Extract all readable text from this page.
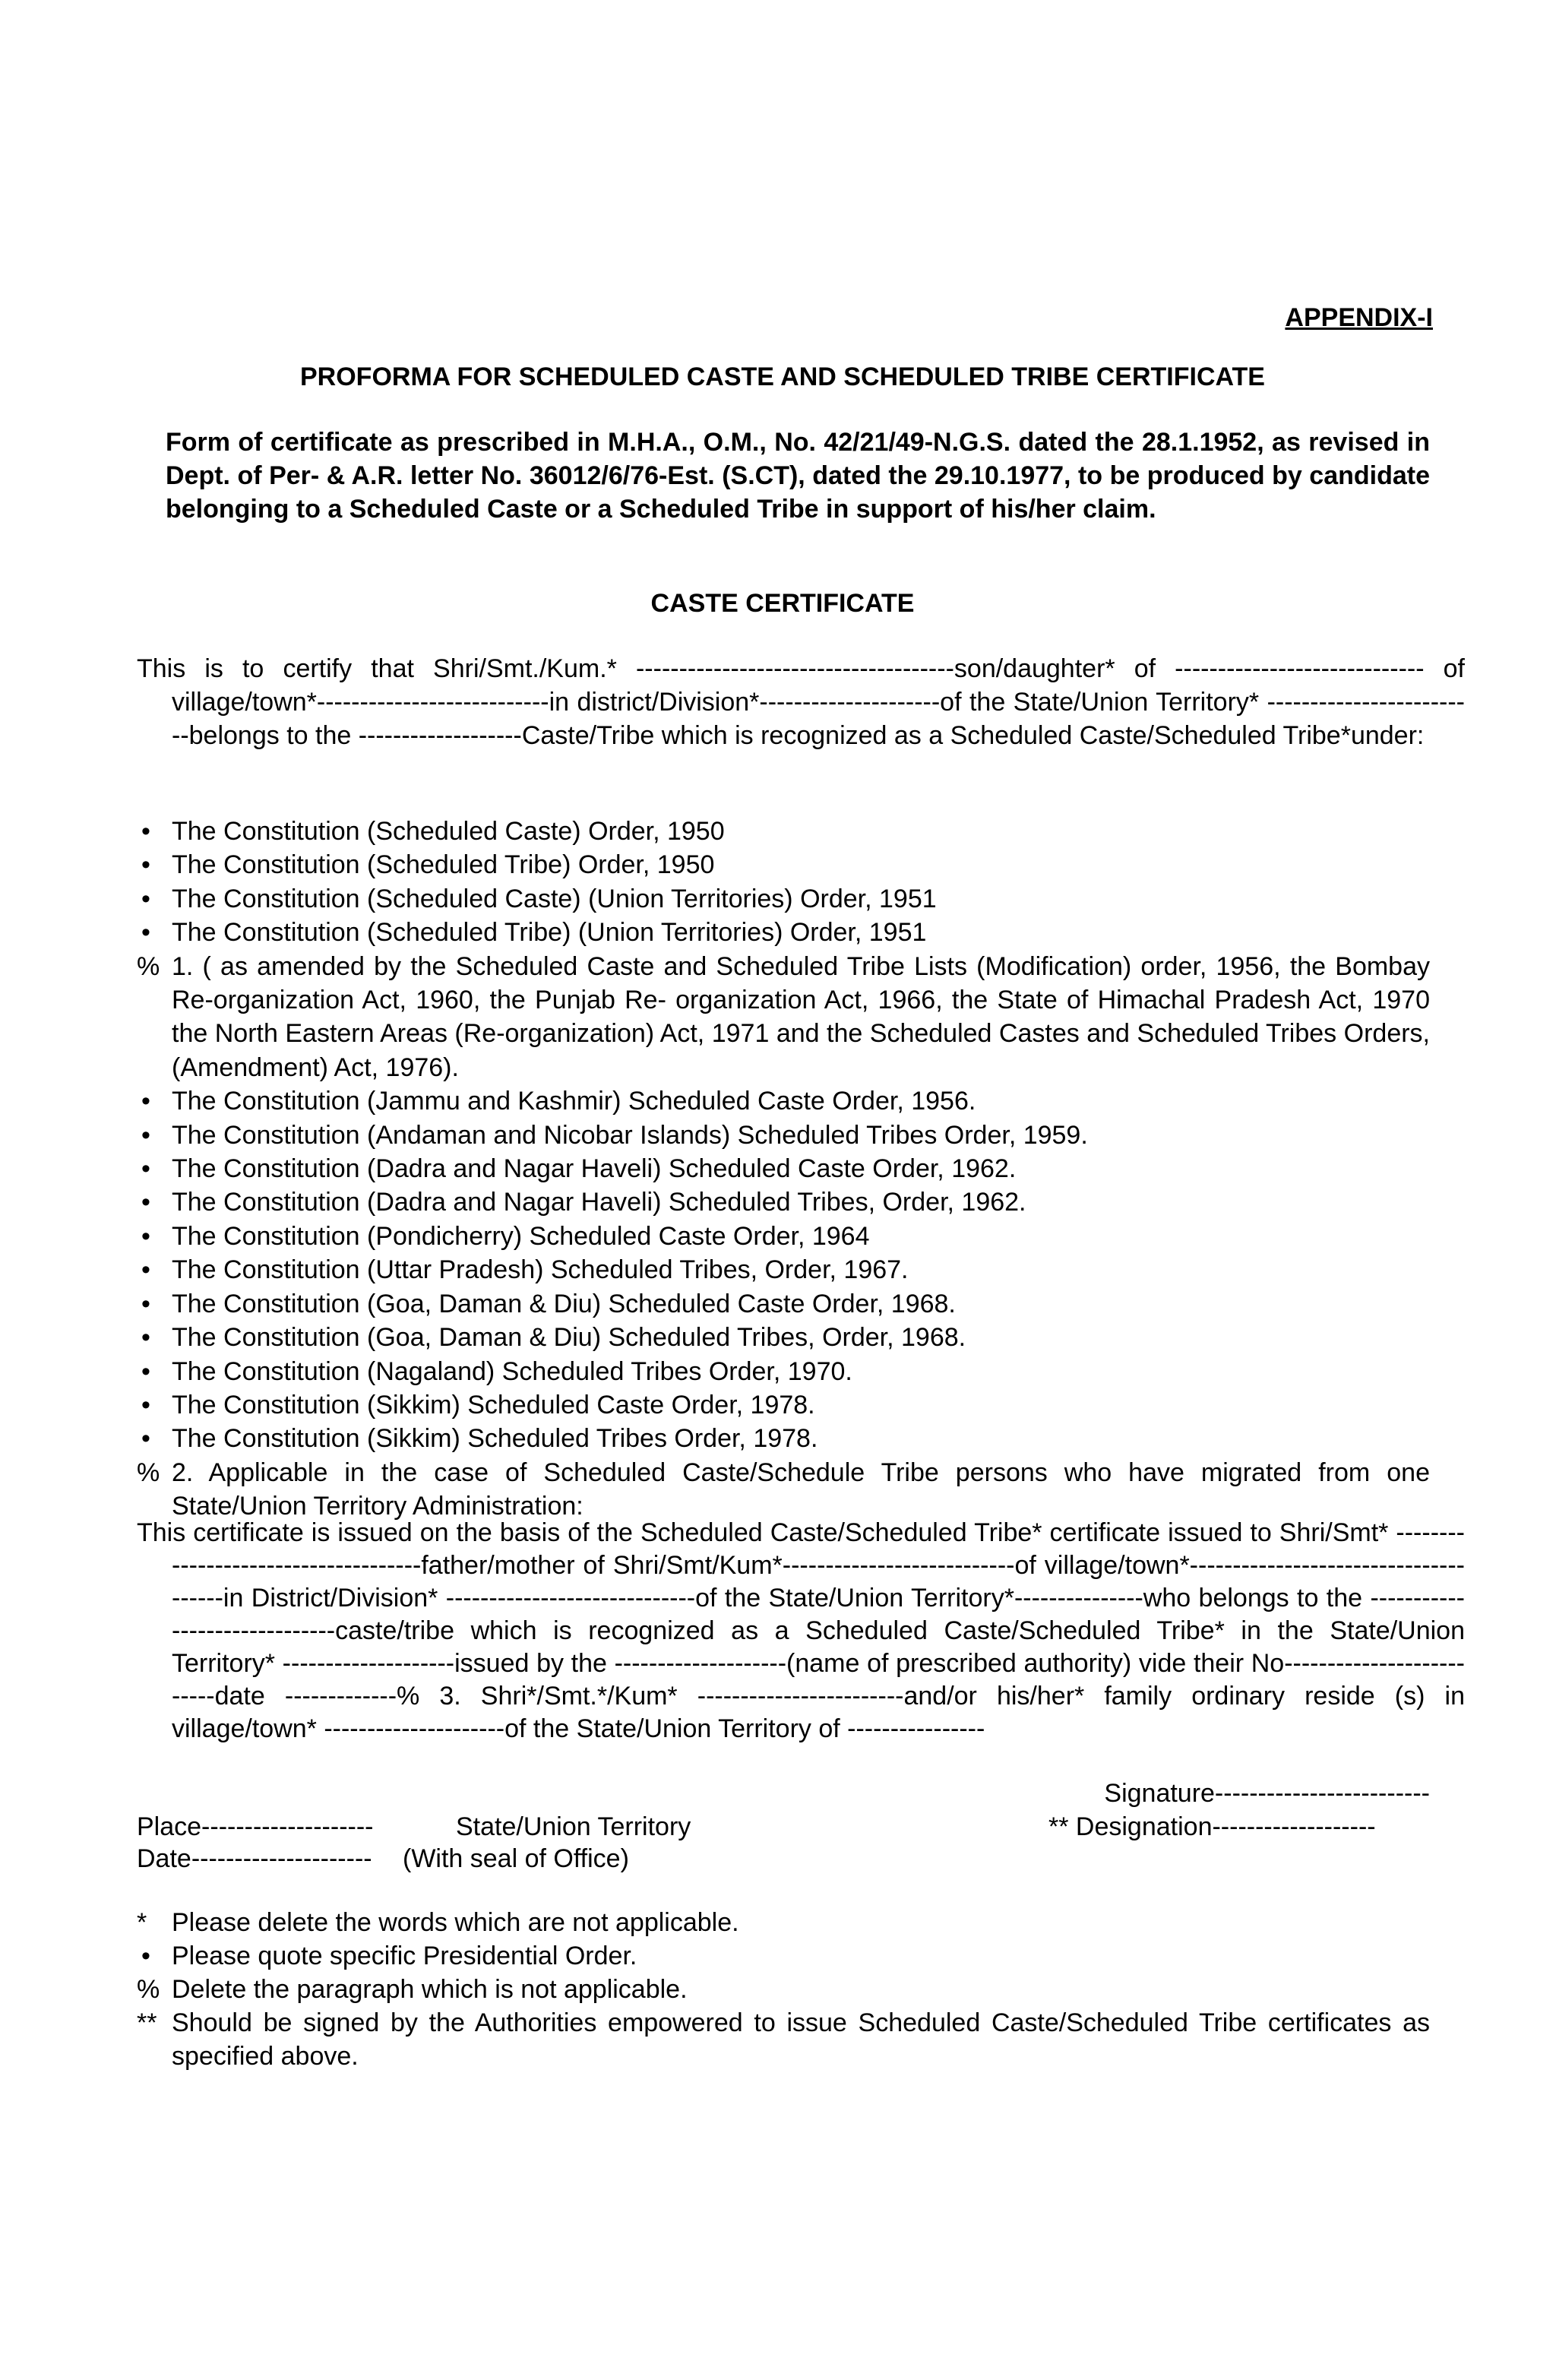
APPENDIX-I
PROFORMA FOR SCHEDULED CASTE AND SCHEDULED TRIBE CERTIFICATE
Form of certificate as prescribed in M.H.A., O.M., No. 42/21/49-N.G.S. dated the 28.1.1952, as revised in Dept. of Per- & A.R. letter No. 36012/6/76-Est. (S.CT), dated the 29.10.1977, to be produced by candidate belonging to a Scheduled Caste or a Scheduled Tribe in support of his/her claim.
CASTE CERTIFICATE
This is to certify that Shri/Smt./Kum.* -------------------------------------son/daughter* of ----------------------------- of village/town*---------------------------in district/Division*---------------------of the State/Union Territory* -------------------------belongs to the -------------------Caste/Tribe which is recognized as a Scheduled Caste/Scheduled Tribe*under:
•
The Constitution (Scheduled Caste) Order, 1950
•
The Constitution (Scheduled Tribe) Order, 1950
•
The Constitution (Scheduled Caste) (Union Territories) Order, 1951
•
The Constitution (Scheduled Tribe) (Union Territories) Order, 1951
% 1. ( as amended by the Scheduled Caste and Scheduled Tribe Lists (Modification) order, 1956, the Bombay Re-organization Act, 1960, the Punjab Re- organization Act, 1966, the State of Himachal Pradesh Act, 1970 the North Eastern Areas (Re-organization) Act, 1971 and the Scheduled Castes and Scheduled Tribes Orders, (Amendment) Act, 1976).
•
The Constitution (Jammu and Kashmir) Scheduled Caste Order, 1956.
•
The Constitution (Andaman and Nicobar Islands) Scheduled Tribes Order, 1959.
•
The Constitution (Dadra and Nagar Haveli) Scheduled Caste Order, 1962.
•
The Constitution (Dadra and Nagar Haveli) Scheduled Tribes, Order, 1962.
•
The Constitution (Pondicherry) Scheduled Caste Order, 1964
•
The Constitution (Uttar Pradesh) Scheduled Tribes, Order, 1967.
•
The Constitution (Goa, Daman & Diu) Scheduled Caste Order, 1968.
•
The Constitution (Goa, Daman & Diu) Scheduled Tribes, Order, 1968.
•
The Constitution (Nagaland) Scheduled Tribes Order, 1970.
•
The Constitution (Sikkim) Scheduled Caste Order, 1978.
•
The Constitution (Sikkim) Scheduled Tribes Order, 1978.
% 2. Applicable in the case of Scheduled Caste/Schedule Tribe persons who have migrated from one State/Union Territory Administration:
This certificate is issued on the basis of the Scheduled Caste/Scheduled Tribe* certificate issued to Shri/Smt* -------------------------------------father/mother of Shri/Smt/Kum*---------------------------of village/town*--------------------------------------in District/Division* -----------------------------of the State/Union Territory*---------------who belongs to the ------------------------------caste/tribe which is recognized as a Scheduled Caste/Scheduled Tribe* in the State/Union Territory* --------------------issued by the --------------------(name of prescribed authority) vide their No--------------------------date -------------% 3. Shri*/Smt.*/Kum* ------------------------and/or his/her* family ordinary reside (s) in village/town* ---------------------of the State/Union Territory of ----------------
Signature-------------------------
Place--------------------	State/Union Territory	** Designation-------------------
Date--------------------- (With seal of Office)
* Please delete the words which are not applicable.
•
Please quote specific Presidential Order.
% Delete the paragraph which is not applicable.
** Should be signed by the Authorities empowered to issue Scheduled Caste/Scheduled Tribe certificates as specified above.
